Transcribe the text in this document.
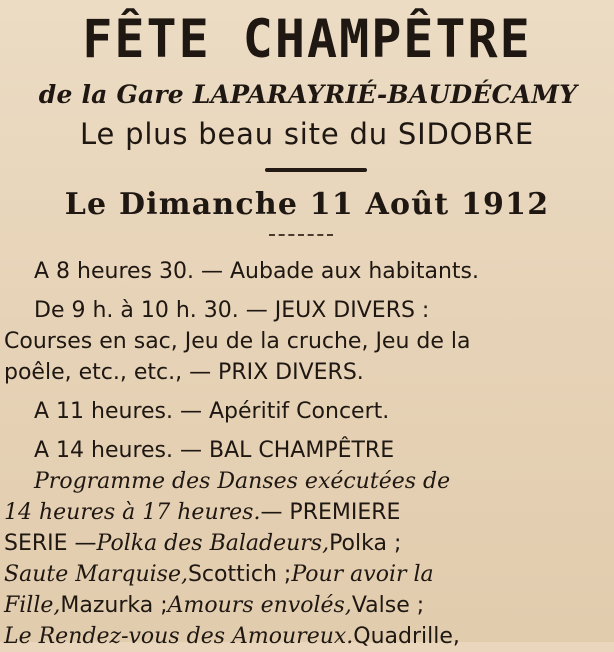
FÊTE CHAMPÊTRE
de la Gare LAPARAYRIÉ-BAUDÉCAMY
Le plus beau site du SIDOBRE
Le Dimanche 11 Août 1912
A 8 heures 30. — Aubade aux habitants.
De 9 h. à 10 h. 30. — JEUX DIVERS :
Courses en sac, Jeu de la cruche, Jeu de la
poêle, etc., etc., — PRIX DIVERS.
A 11 heures. — Apéritif Concert.
A 14 heures. — BAL CHAMPÊTRE
Programme des Danses exécutées de
14 heures à 17 heures. — PREMIERE
SERIE — Polka des Baladeurs, Polka ;
Saute Marquise, Scottich ; Pour avoir la
Fille, Mazurka ; Amours envolés, Valse ;
Le Rendez-vous des Amoureux. Quadrille,
